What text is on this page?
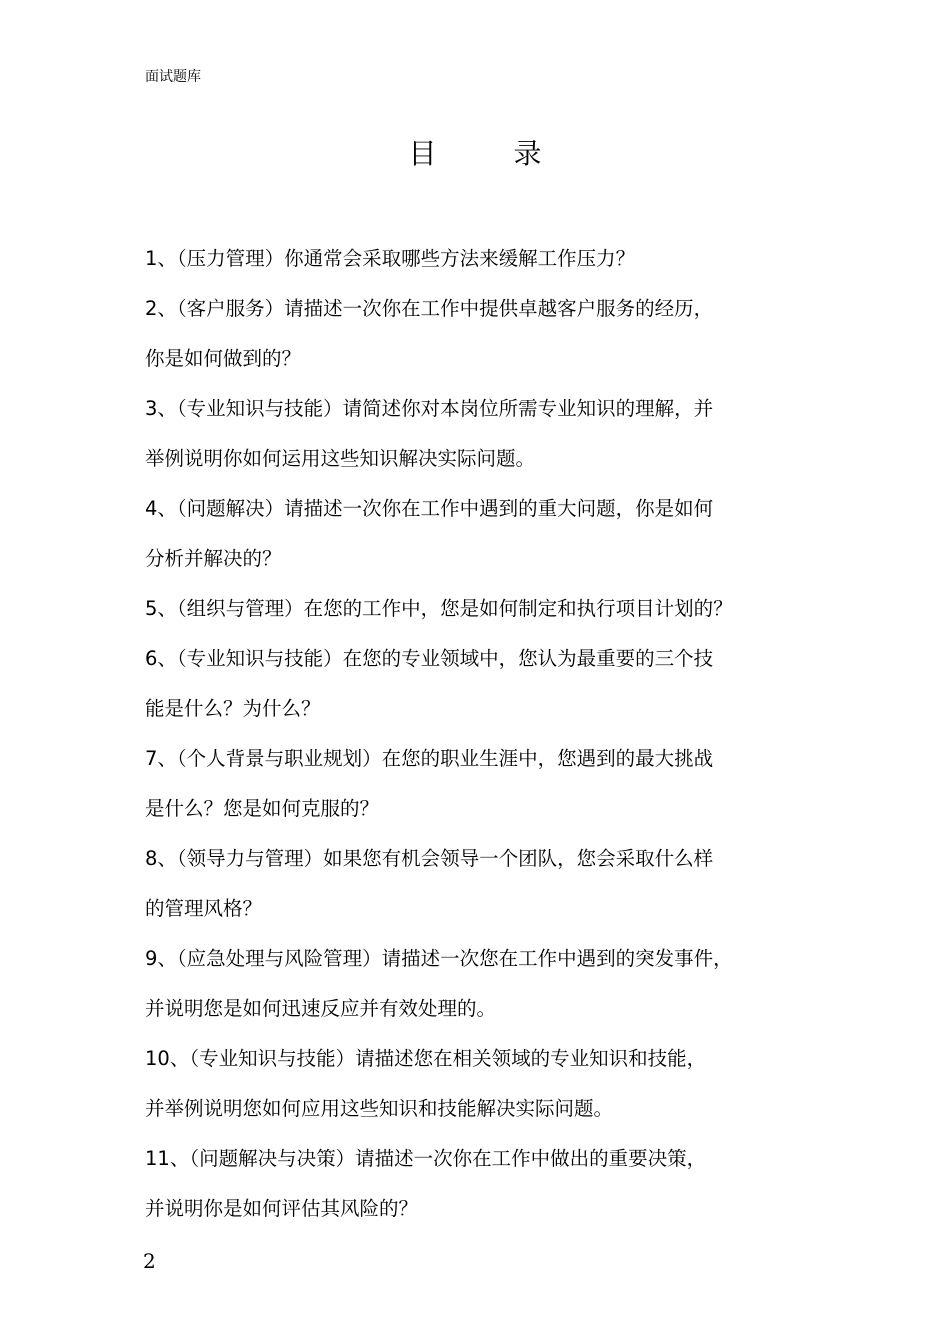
面试题库
目 录
1、（压力管理）你通常会采取哪些方法来缓解工作压力？
2、（客户服务）请描述一次你在工作中提供卓越客户服务的经历，
你是如何做到的？
3、（专业知识与技能）请简述你对本岗位所需专业知识的理解，并
举例说明你如何运用这些知识解决实际问题。
4、（问题解决）请描述一次你在工作中遇到的重大问题，你是如何
分析并解决的？
5、（组织与管理）在您的工作中，您是如何制定和执行项目计划的？
6、（专业知识与技能）在您的专业领域中，您认为最重要的三个技
能是什么？为什么？
7、（个人背景与职业规划）在您的职业生涯中，您遇到的最大挑战
是什么？您是如何克服的？
8、（领导力与管理）如果您有机会领导一个团队，您会采取什么样
的管理风格？
9、（应急处理与风险管理）请描述一次您在工作中遇到的突发事件，
并说明您是如何迅速反应并有效处理的。
10、（专业知识与技能）请描述您在相关领域的专业知识和技能，
并举例说明您如何应用这些知识和技能解决实际问题。
11、（问题解决与决策）请描述一次你在工作中做出的重要决策，
并说明你是如何评估其风险的？
2
